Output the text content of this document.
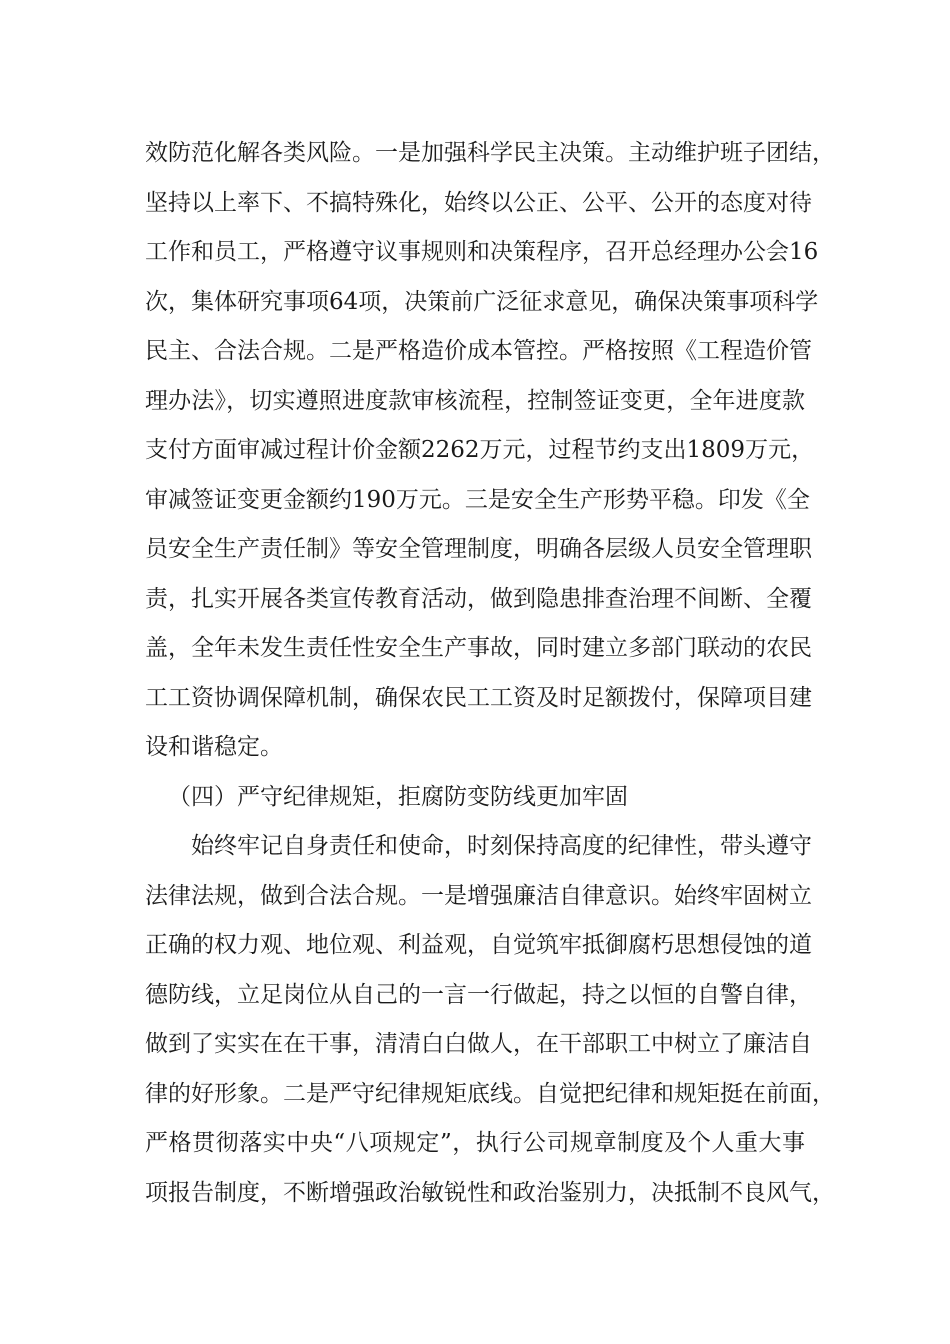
效防范化解各类风险。一是加强科学民主决策。主动维护班子团结，
坚持以上率下、不搞特殊化，始终以公正、公平、公开的态度对待
工作和员工，严格遵守议事规则和决策程序，召开总经理办公会16
次，集体研究事项64项，决策前广泛征求意见，确保决策事项科学
民主、合法合规。二是严格造价成本管控。严格按照《工程造价管
理办法》，切实遵照进度款审核流程，控制签证变更，全年进度款
支付方面审减过程计价金额2262万元，过程节约支出1809万元，
审减签证变更金额约190万元。三是安全生产形势平稳。印发《全
员安全生产责任制》等安全管理制度，明确各层级人员安全管理职
责，扎实开展各类宣传教育活动，做到隐患排查治理不间断、全覆
盖，全年未发生责任性安全生产事故，同时建立多部门联动的农民
工工资协调保障机制，确保农民工工资及时足额拨付，保障项目建
设和谐稳定。
（四）严守纪律规矩，拒腐防变防线更加牢固
始终牢记自身责任和使命，时刻保持高度的纪律性，带头遵守
法律法规，做到合法合规。一是增强廉洁自律意识。始终牢固树立
正确的权力观、地位观、利益观，自觉筑牢抵御腐朽思想侵蚀的道
德防线，立足岗位从自己的一言一行做起，持之以恒的自警自律，
做到了实实在在干事，清清白白做人，在干部职工中树立了廉洁自
律的好形象。二是严守纪律规矩底线。自觉把纪律和规矩挺在前面，
严格贯彻落实中央“八项规定”，执行公司规章制度及个人重大事
项报告制度，不断增强政治敏锐性和政治鉴别力，决抵制不良风气，
